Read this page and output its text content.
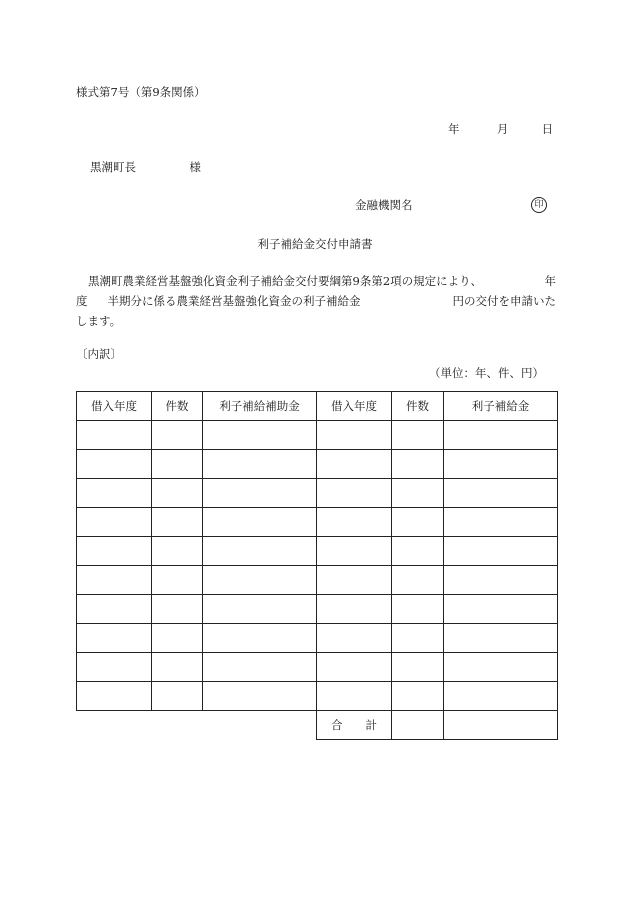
様式第7号（第9条関係）
年	月	日
黒潮町長	様
金融機関名	印
利子補給金交付申請書
黒潮町農業経営基盤強化資金利子補給金交付要綱第9条第2項の規定により、	年
度 半期分に係る農業経営基盤強化資金の利子補給金	円の交付を申請いた
します。
〔内訳〕
（単位：年、件、円）
借入年度	件数	利子補給補助金	借入年度	件数	利子補給金

			合　　計		
